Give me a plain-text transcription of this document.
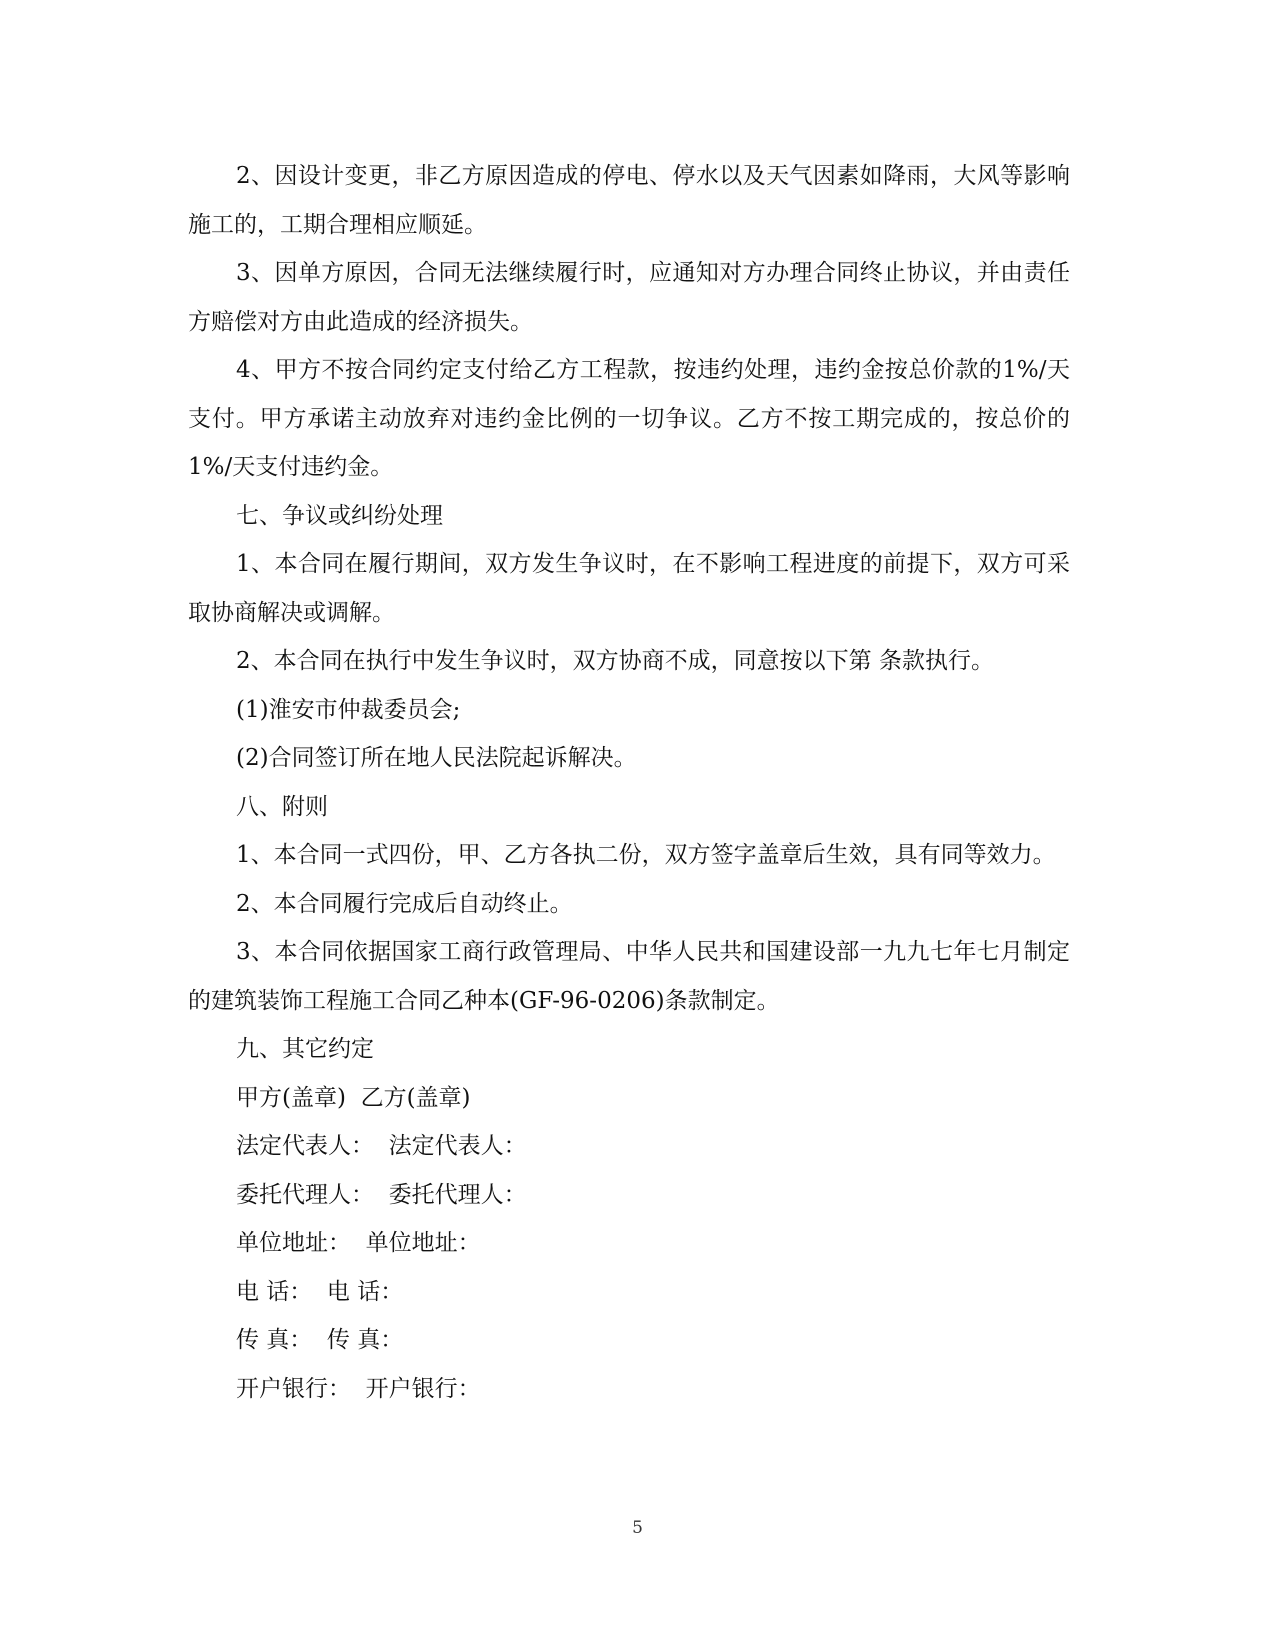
2、因设计变更，非乙方原因造成的停电、停水以及天气因素如降雨，大风等影响施工的，工期合理相应顺延。

3、因单方原因，合同无法继续履行时，应通知对方办理合同终止协议，并由责任方赔偿对方由此造成的经济损失。

4、甲方不按合同约定支付给乙方工程款，按违约处理，违约金按总价款的1%/天支付。甲方承诺主动放弃对违约金比例的一切争议。乙方不按工期完成的，按总价的1%/天支付违约金。

七、争议或纠纷处理

1、本合同在履行期间，双方发生争议时，在不影响工程进度的前提下，双方可采取协商解决或调解。

2、本合同在执行中发生争议时，双方协商不成，同意按以下第 条款执行。

(1)淮安市仲裁委员会;

(2)合同签订所在地人民法院起诉解决。

八、附则

1、本合同一式四份，甲、乙方各执二份，双方签字盖章后生效，具有同等效力。

2、本合同履行完成后自动终止。

3、本合同依据国家工商行政管理局、中华人民共和国建设部一九九七年七月制定的建筑装饰工程施工合同乙种本(GF-96-0206)条款制定。

九、其它约定

甲方(盖章)  乙方(盖章)

法定代表人：  法定代表人：

委托代理人：  委托代理人：

单位地址：  单位地址：

电 话：  电 话：

传 真：  传 真：

开户银行：  开户银行：

5
